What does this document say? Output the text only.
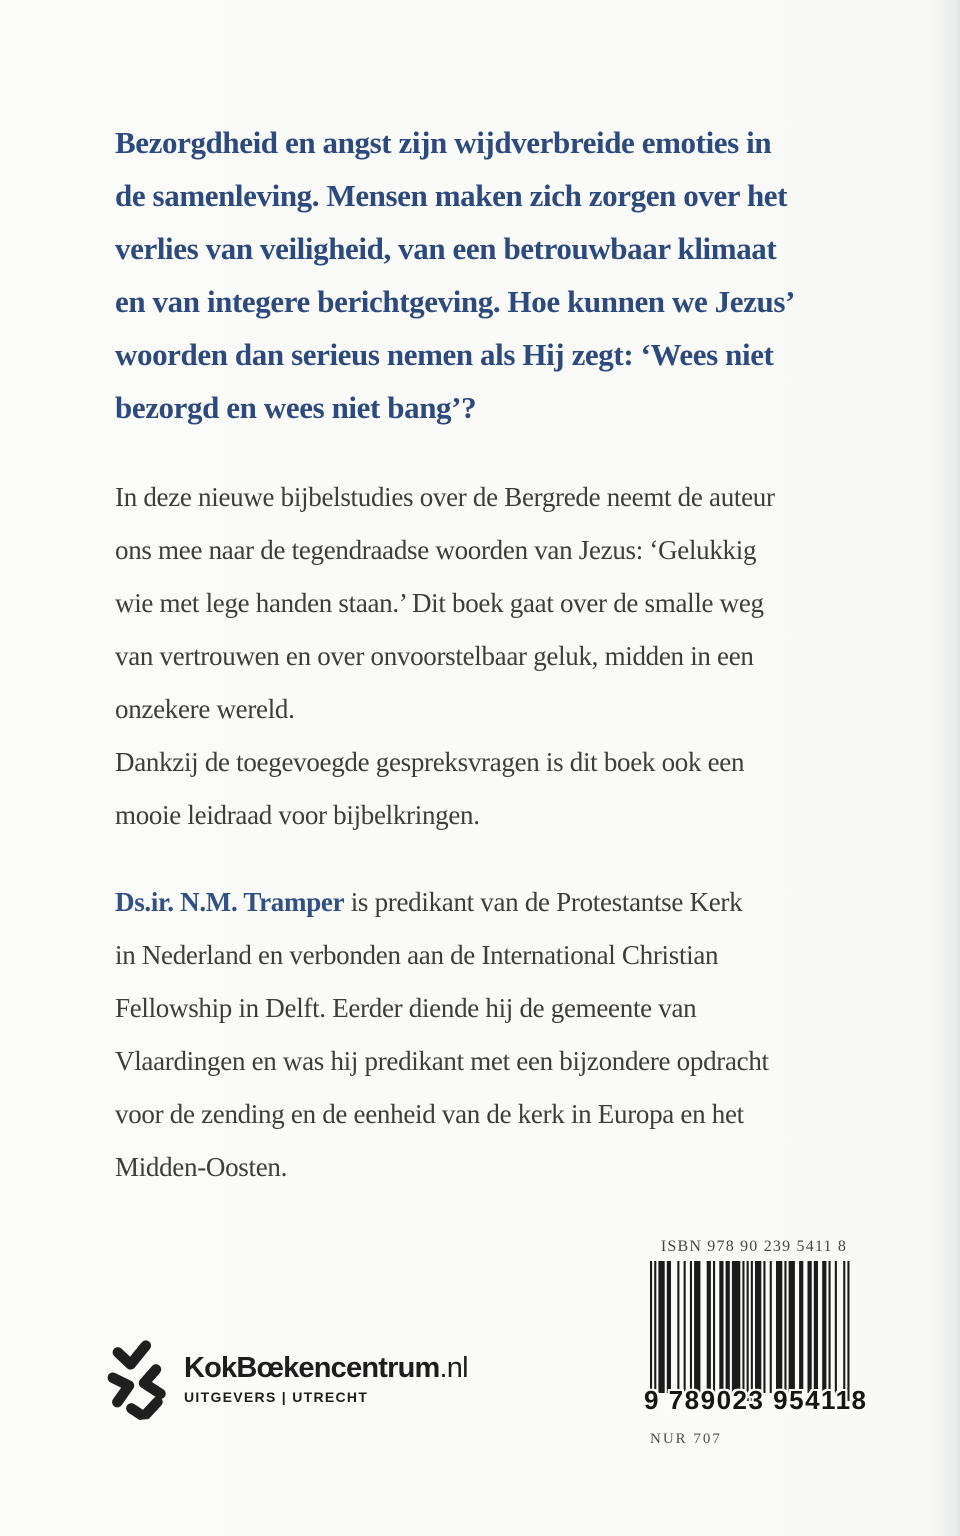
Bezorgdheid en angst zijn wijdverbreide emoties in
de samenleving. Mensen maken zich zorgen over het
verlies van veiligheid, van een betrouwbaar klimaat
en van integere berichtgeving. Hoe kunnen we Jezus’
woorden dan serieus nemen als Hij zegt: ‘Wees niet
bezorgd en wees niet bang’?
In deze nieuwe bijbelstudies over de Bergrede neemt de auteur
ons mee naar de tegendraadse woorden van Jezus: ‘Gelukkig
wie met lege handen staan.’ Dit boek gaat over de smalle weg
van vertrouwen en over onvoorstelbaar geluk, midden in een
onzekere wereld.
Dankzij de toegevoegde gespreksvragen is dit boek ook een
mooie leidraad voor bijbelkringen.
Ds.ir. N.M. Tramper is predikant van de Protestantse Kerk
in Nederland en verbonden aan de International Christian
Fellowship in Delft. Eerder diende hij de gemeente van
Vlaardingen en was hij predikant met een bijzondere opdracht
voor de zending en de eenheid van de kerk in Europa en het
Midden-Oosten.
ISBN 978 90 239 5411 8
9 789023 954118
NUR 707
KokBœkencentrum.nl
UITGEVERS | UTRECHT
